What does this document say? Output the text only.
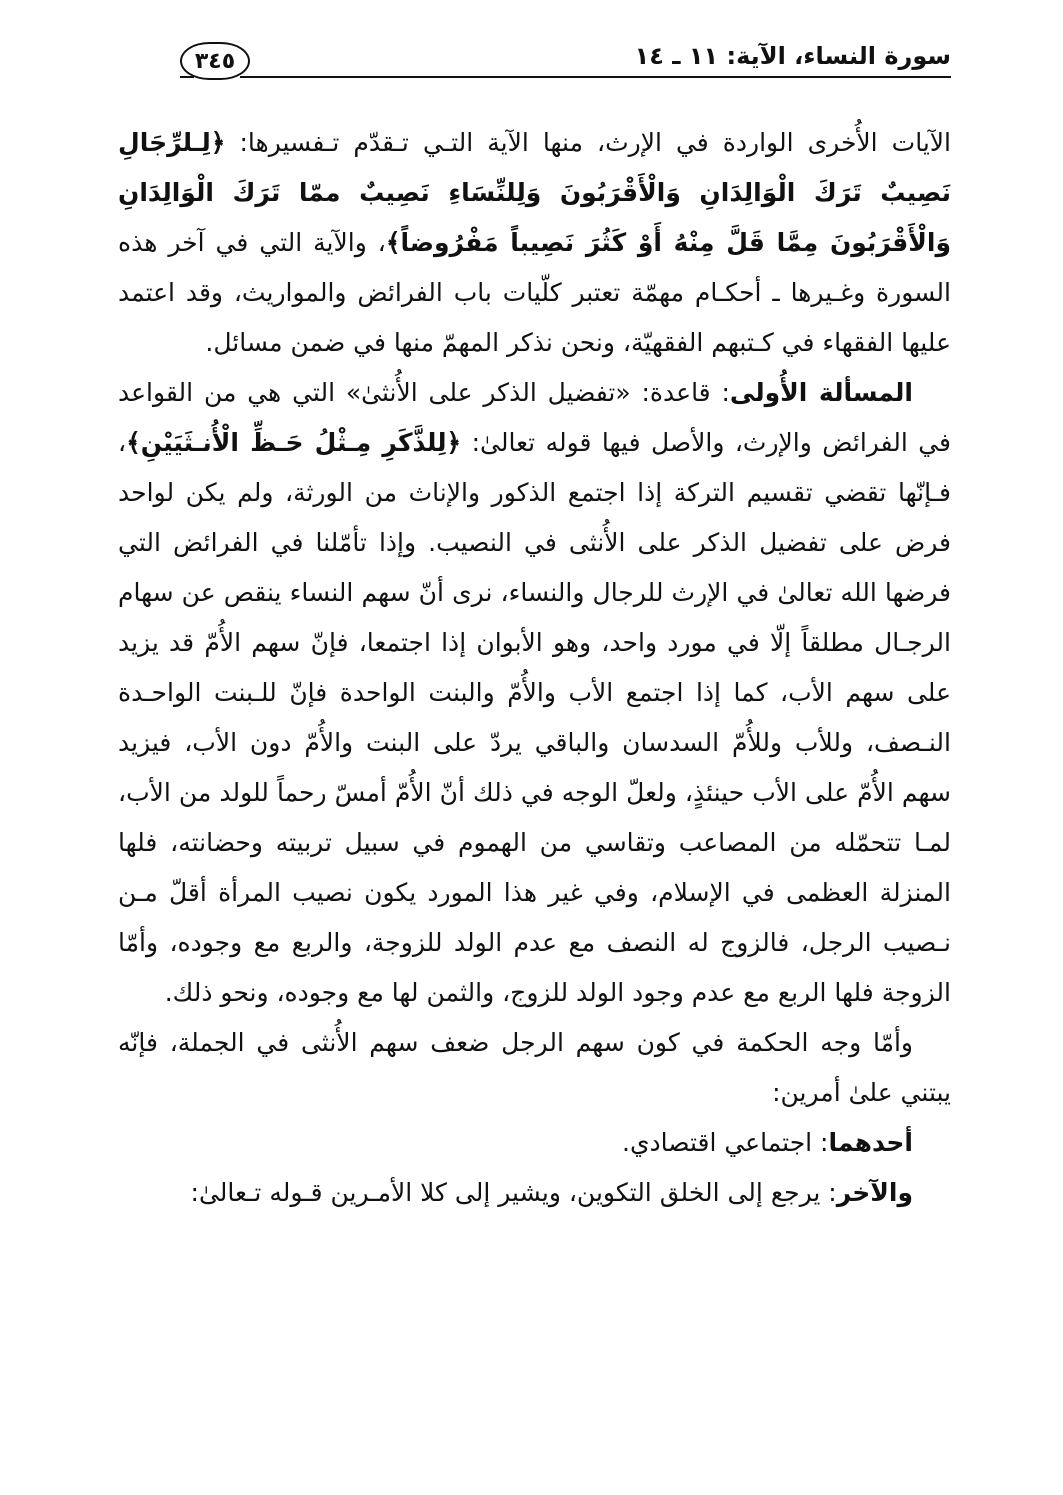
٣٤٥	سورة النساء، الآية: ١١ ـ ١٤

الآيات الأُخرى الواردة في الإرث، منها الآية التـي تـقدّم تـفسيرها: ﴿لِـلرِّجَالِ نَصِيبٌ تَرَكَ الْوَالِدَانِ وَالْأَقْرَبُونَ وَلِلنِّسَاءِ نَصِيبٌ ممّا تَرَكَ الْوَالِدَانِ وَالْأَقْرَبُونَ مِمَّا قَلَّ مِنْهُ أَوْ كَثُرَ نَصِيباً مَفْرُوضاً﴾، والآية التي في آخر هذه السورة وغـيرها ـ أحكـام مهمّة تعتبر كلّيات باب الفرائض والمواريث، وقد اعتمد عليها الفقهاء في كـتبهم الفقهيّة، ونحن نذكر المهمّ منها في ضمن مسائل.

المسألة الأُولى: قاعدة: «تفضيل الذكر على الأُنثىٰ» التي هي من القواعد في الفرائض والإرث، والأصل فيها قوله تعالىٰ: ﴿لِلذَّكَرِ مِـثْلُ حَـظِّ الْأُنـثَيَيْنِ﴾، فـإنّها تقضي تقسيم التركة إذا اجتمع الذكور والإناث من الورثة، ولم يكن لواحد فرض على تفضيل الذكر على الأُنثى في النصيب. وإذا تأمّلنا في الفرائض التي فرضها الله تعالىٰ في الإرث للرجال والنساء، نرى أنّ سهم النساء ينقص عن سهام الرجـال مطلقاً إلّا في مورد واحد، وهو الأبوان إذا اجتمعا، فإنّ سهم الأُمّ قد يزيد على سهم الأب، كما إذا اجتمع الأب والأُمّ والبنت الواحدة فإنّ للـبنت الواحـدة النـصف، وللأب وللأُمّ السدسان والباقي يردّ على البنت والأُمّ دون الأب، فيزيد سهم الأُمّ على الأب حينئذٍ، ولعلّ الوجه في ذلك أنّ الأُمّ أمسّ رحماً للولد من الأب، لمـا تتحمّله من المصاعب وتقاسي من الهموم في سبيل تربيته وحضانته، فلها المنزلة العظمى في الإسلام، وفي غير هذا المورد يكون نصيب المرأة أقلّ مـن نـصيب الرجل، فالزوج له النصف مع عدم الولد للزوجة، والربع مع وجوده، وأمّا الزوجة فلها الربع مع عدم وجود الولد للزوج، والثمن لها مع وجوده، ونحو ذلك.

وأمّا وجه الحكمة في كون سهم الرجل ضعف سهم الأُنثى في الجملة، فإنّه يبتني علىٰ أمرين:

أحدهما: اجتماعي اقتصادي.

والآخر: يرجع إلى الخلق التكوين، ويشير إلى كلا الأمـرين قـوله تـعالىٰ:
